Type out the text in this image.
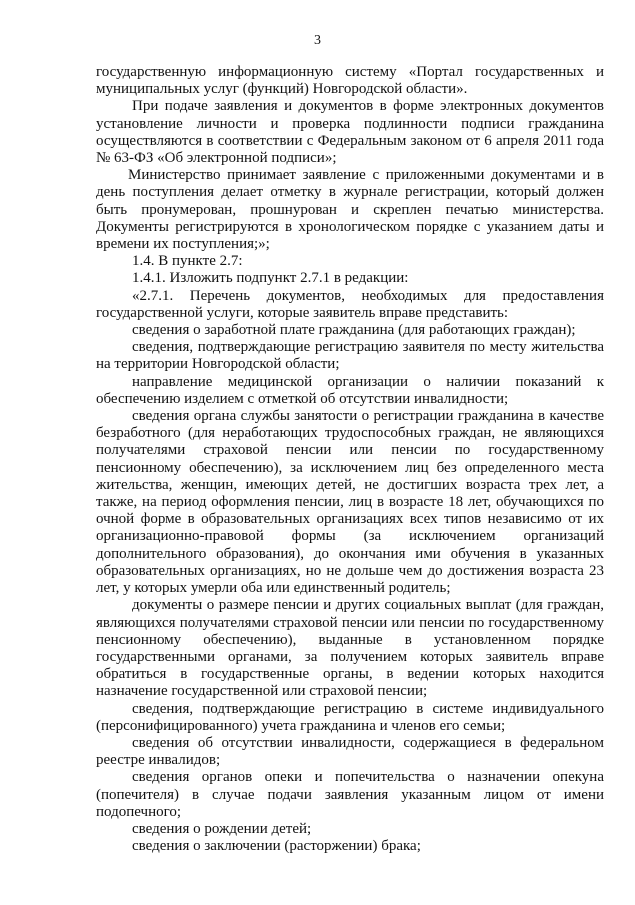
3

государственную информационную систему «Портал государственных и муниципальных услуг (функций) Новгородской области».

При подаче заявления и документов в форме электронных документов установление личности и проверка подлинности подписи гражданина осуществляются в соответствии с Федеральным законом от 6 апреля 2011 года № 63-ФЗ «Об электронной подписи»;

Министерство принимает заявление с приложенными документами и в день поступления делает отметку в журнале регистрации, который должен быть пронумерован, прошнурован и скреплен печатью министерства. Документы регистрируются в хронологическом порядке с указанием даты и времени их поступления;»;

1.4. В пункте 2.7:

1.4.1. Изложить подпункт 2.7.1 в редакции:

«2.7.1. Перечень документов, необходимых для предоставления государственной услуги, которые заявитель вправе представить:

сведения о заработной плате гражданина (для работающих граждан);

сведения, подтверждающие регистрацию заявителя по месту жительства на территории Новгородской области;

направление медицинской организации о наличии показаний к обеспечению изделием с отметкой об отсутствии инвалидности;

сведения органа службы занятости о регистрации гражданина в качестве безработного (для неработающих трудоспособных граждан, не являющихся получателями страховой пенсии или пенсии по государственному пенсионному обеспечению), за исключением лиц без определенного места жительства, женщин, имеющих детей, не достигших возраста трех лет, а также, на период оформления пенсии, лиц в возрасте 18 лет, обучающихся по очной форме в образовательных организациях всех типов независимо от их организационно-правовой формы (за исключением организаций дополнительного образования), до окончания ими обучения в указанных образовательных организациях, но не дольше чем до достижения возраста 23 лет, у которых умерли оба или единственный родитель;

документы о размере пенсии и других социальных выплат (для граждан, являющихся получателями страховой пенсии или пенсии по государственному пенсионному обеспечению), выданные в установленном порядке государственными органами, за получением которых заявитель вправе обратиться в государственные органы, в ведении которых находится назначение государственной или страховой пенсии;

сведения, подтверждающие регистрацию в системе индивидуального (персонифицированного) учета гражданина и членов его семьи;

сведения об отсутствии инвалидности, содержащиеся в федеральном реестре инвалидов;

сведения органов опеки и попечительства о назначении опекуна (попечителя) в случае подачи заявления указанным лицом от имени подопечного;

сведения о рождении детей;

сведения о заключении (расторжении) брака;
